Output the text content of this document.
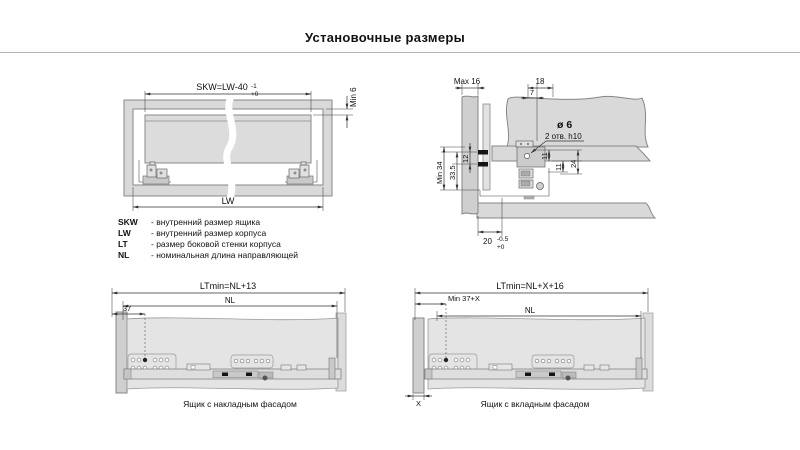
Установочные размеры
SKW - внутренний размер ящика
LW - внутренний размер корпуса
LT	- размер боковой стенки корпуса
NL	- номинальная длина направляющей
Ящик с накладным фасадом	Ящик с вкладным фасадом
SKW=LW-40 -1
+0	Min 6
LW
ø 6
2 отв. h10
Max 16	18
7
12
33.5
Min 34
11
11 24
20 -0.5
+0
LTmin=NL+13
NL
37
LTmin=NL+X+16
Min 37+X
NL
X
